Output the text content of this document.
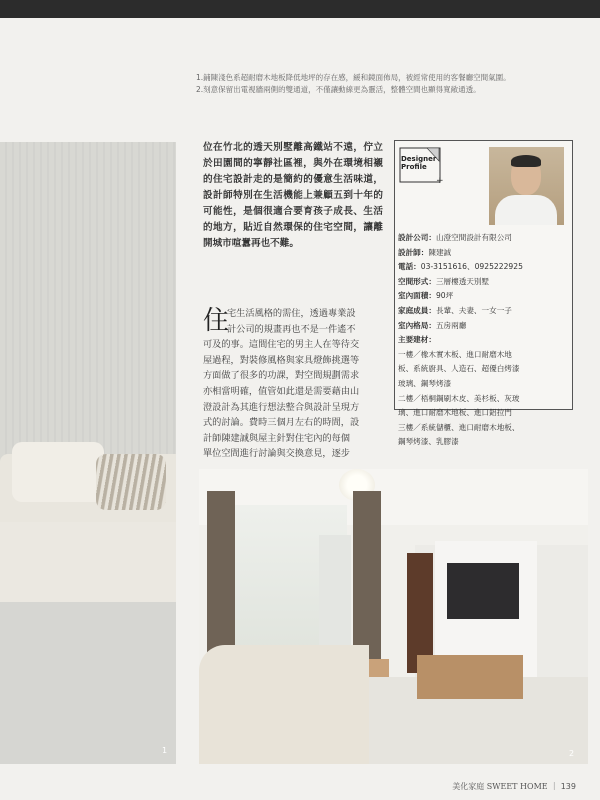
1.鋪陳淺色系超耐磨木地板降低地坪的存在感，緩和鏡面佈局，被經常使用的客餐廳空間氣圍。
2.刻意保留出電視牆兩側的雙通道，不僅讓動線更為靈活，整體空間也顯得寬敞通透。
1
位在竹北的透天別墅離高鐵站不遠，佇立於田園間的寧靜社區裡，與外在環境相襯的住宅設計走的是簡約的優意生活味道，設計師特別在生活機能上兼顧五到十年的可能性，是個很適合要育孩子成長、生活的地方，貼近自然環保的住宅空間，讓離開城市喧囂再也不難。
+
Designer
Profile
設計公司：山澄空間設計有限公司
設計師：陳建誠
電話：03-3151616、0925222925
空間形式：三層樓透天別墅
室內面積：90坪
家庭成員：長輩、夫妻、一女一子
室內格局：五房兩廳
主要建材：
一樓／橡木實木板、進口耐磨木地
板、系統廚具、人造石、超優白烤漆
玻璃、鋼琴烤漆
二樓／梧桐鋼刷木皮、美杉板、灰玻
璃、進口耐磨木地板、進口鋁拉門
三樓／系統儲櫃、進口耐磨木地板、
鋼琴烤漆、乳膠漆
住
宅生活風格的需住，透過專業設
計公司的規畫再也不是一件遙不
可及的事。這間住宅的男主人在等待交
屋過程，對裝修風格與家具燈飾挑選等
方面做了很多的功課，對空間規劃需求
亦相當明確，值管如此還是需要藉由山
澄設計為其進行想法整合與設計呈現方
式的討論。費時三個月左右的時間，設
計師陳建誠與屋主針對住宅內的每個
單位空間進行討論與交換意見，逐步
2
美化家庭 SWEET HOME ｜ 139
